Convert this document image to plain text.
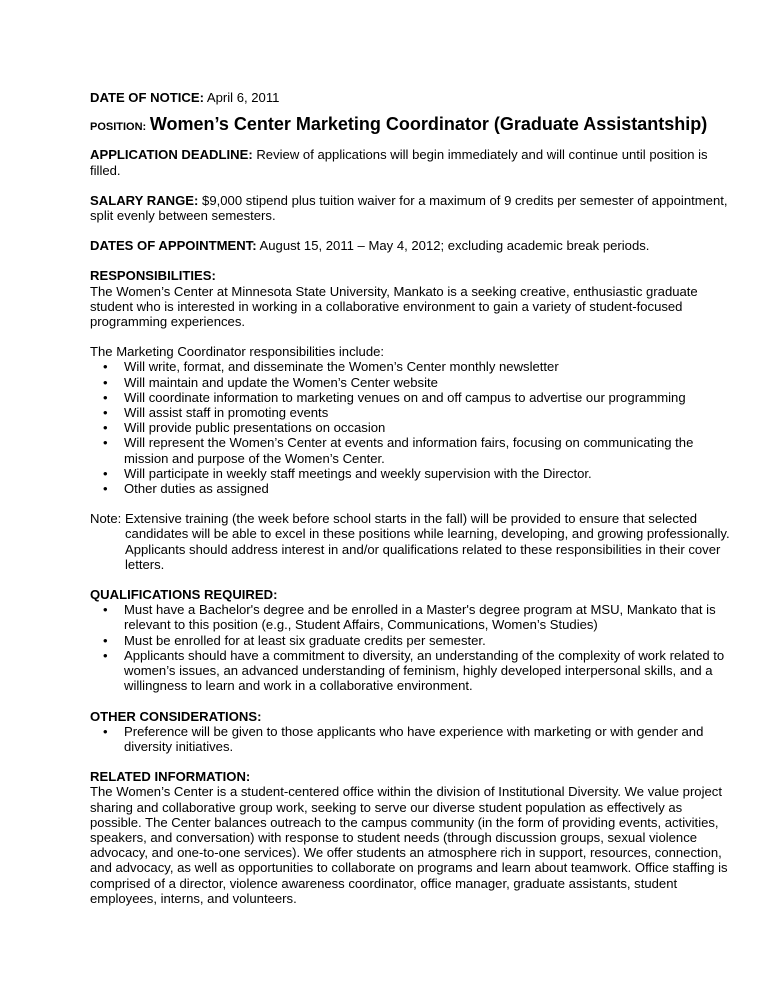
DATE OF NOTICE: April 6, 2011

POSITION: Women’s Center Marketing Coordinator (Graduate Assistantship)

APPLICATION DEADLINE: Review of applications will begin immediately and will continue until position is filled.

SALARY RANGE: $9,000 stipend plus tuition waiver for a maximum of 9 credits per semester of appointment, split evenly between semesters.

DATES OF APPOINTMENT: August 15, 2011 – May 4, 2012; excluding academic break periods.

RESPONSIBILITIES:

The Women’s Center at Minnesota State University, Mankato is a seeking creative, enthusiastic graduate student who is interested in working in a collaborative environment to gain a variety of student-focused programming experiences.

The Marketing Coordinator responsibilities include:

• Will write, format, and disseminate the Women’s Center monthly newsletter
• Will maintain and update the Women’s Center website
• Will coordinate information to marketing venues on and off campus to advertise our programming
• Will assist staff in promoting events
• Will provide public presentations on occasion
• Will represent the Women’s Center at events and information fairs, focusing on communicating the mission and purpose of the Women’s Center.
• Will participate in weekly staff meetings and weekly supervision with the Director.
• Other duties as assigned
Note: Extensive training (the week before school starts in the fall) will be provided to ensure that selected candidates will be able to excel in these positions while learning, developing, and growing professionally. Applicants should address interest in and/or qualifications related to these responsibilities in their cover letters.

QUALIFICATIONS REQUIRED:

• Must have a Bachelor's degree and be enrolled in a Master's degree program at MSU, Mankato that is relevant to this position (e.g., Student Affairs, Communications, Women’s Studies)
• Must be enrolled for at least six graduate credits per semester.
• Applicants should have a commitment to diversity, an understanding of the complexity of work related to women’s issues, an advanced understanding of feminism, highly developed interpersonal skills, and a willingness to learn and work in a collaborative environment.

OTHER CONSIDERATIONS:

• Preference will be given to those applicants who have experience with marketing or with gender and diversity initiatives.

RELATED INFORMATION:

The Women’s Center is a student-centered office within the division of Institutional Diversity. We value project sharing and collaborative group work, seeking to serve our diverse student population as effectively as possible. The Center balances outreach to the campus community (in the form of providing events, activities, speakers, and conversation) with response to student needs (through discussion groups, sexual violence advocacy, and one-to-one services). We offer students an atmosphere rich in support, resources, connection, and advocacy, as well as opportunities to collaborate on programs and learn about teamwork. Office staffing is comprised of a director, violence awareness coordinator, office manager, graduate assistants, student employees, interns, and volunteers.
